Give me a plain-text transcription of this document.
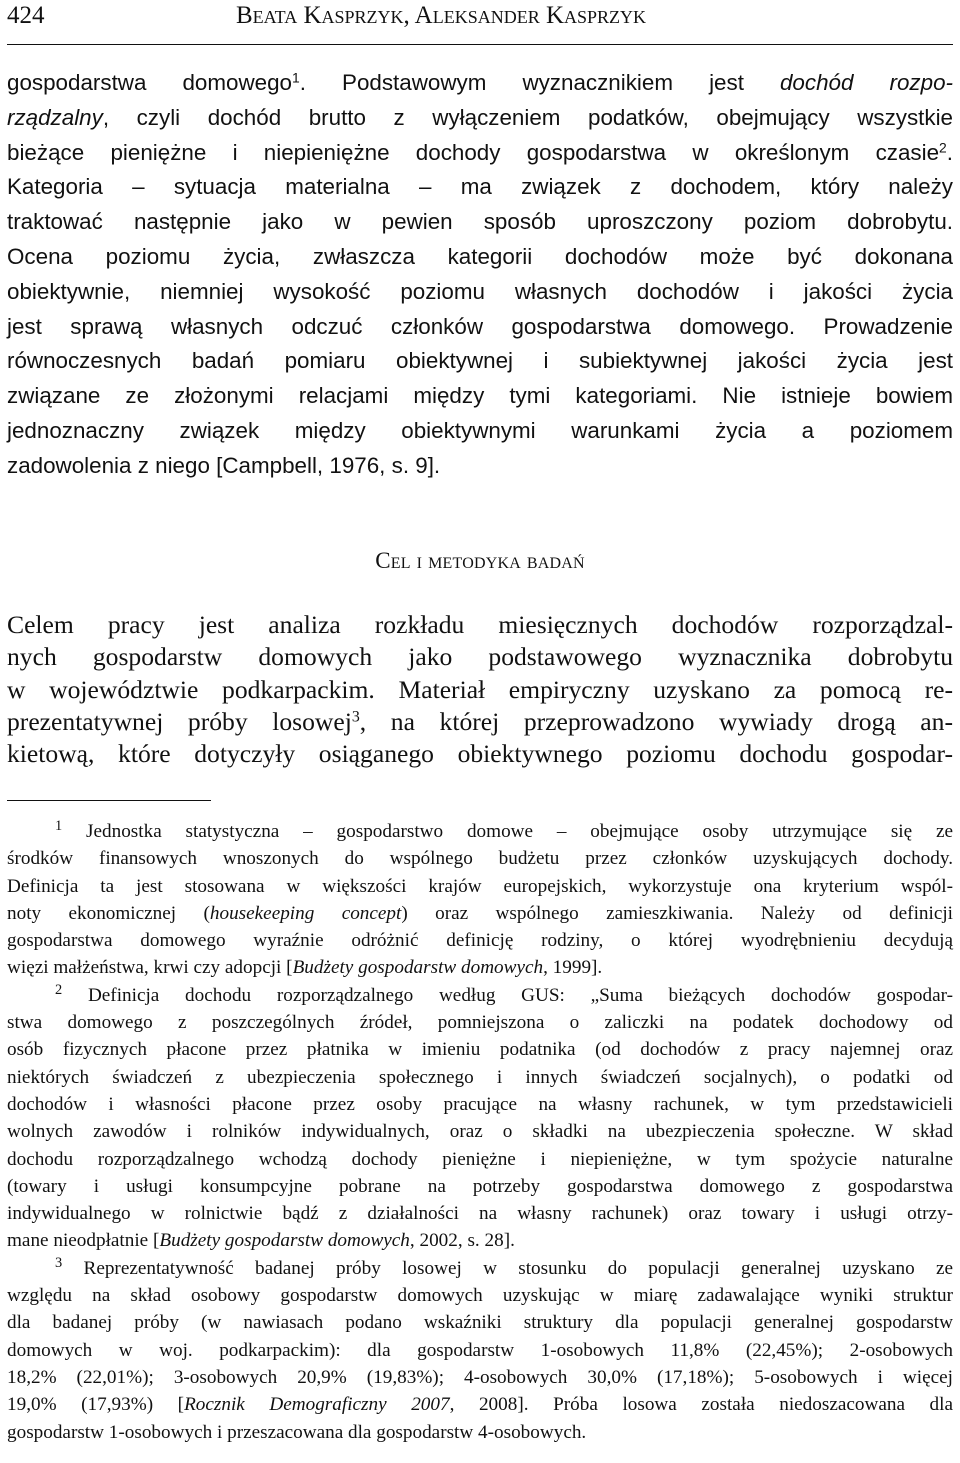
424	Beata Kasprzyk, Aleksander Kasprzyk
gospodarstwa domowego$^1$. Podstawowym wyznacznikiem jest dochód rozpo-
rządzalny, czyli dochód brutto z wyłączeniem podatków, obejmujący wszystkie
bieżące pieniężne i niepieniężne dochody gospodarstwa w określonym czasie$^2$.
Kategoria – sytuacja materialna – ma związek z dochodem, który należy
traktować następnie jako w pewien sposób uproszczony poziom dobrobytu.
Ocena poziomu życia, zwłaszcza kategorii dochodów może być dokonana
obiektywnie, niemniej wysokość poziomu własnych dochodów i jakości życia
jest sprawą własnych odczuć członków gospodarstwa domowego. Prowadzenie
równoczesnych badań pomiaru obiektywnej i subiektywnej jakości życia jest
związane ze złożonymi relacjami między tymi kategoriami. Nie istnieje bowiem
jednoznaczny związek między obiektywnymi warunkami życia a poziomem
zadowolenia z niego [Campbell, 1976, s. 9].
Cel i metodyka badań
Celem pracy jest analiza rozkładu miesięcznych dochodów rozporządzal-
nych gospodarstw domowych jako podstawowego wyznacznika dobrobytu
w województwie podkarpackim. Materiał empiryczny uzyskano za pomocą re-
prezentatywnej próby losowej$^3$, na której przeprowadzono wywiady drogą an-
kietową, które dotyczyły osiąganego obiektywnego poziomu dochodu gospodar-
$^1$ Jednostka statystyczna – gospodarstwo domowe – obejmujące osoby utrzymujące się ze
środków finansowych wnoszonych do wspólnego budżetu przez członków uzyskujących dochody.
Definicja ta jest stosowana w większości krajów europejskich, wykorzystuje ona kryterium wspól-
noty ekonomicznej (housekeeping concept) oraz wspólnego zamieszkiwania. Należy od definicji
gospodarstwa domowego wyraźnie odróżnić definicję rodziny, o której wyodrębnieniu decydują
więzi małżeństwa, krwi czy adopcji [Budżety gospodarstw domowych, 1999].
$^2$ Definicja dochodu rozporządzalnego według GUS: „Suma bieżących dochodów gospodar-
stwa domowego z poszczególnych źródeł, pomniejszona o zaliczki na podatek dochodowy od
osób fizycznych płacone przez płatnika w imieniu podatnika (od dochodów z pracy najemnej oraz
niektórych świadczeń z ubezpieczenia społecznego i innych świadczeń socjalnych), o podatki od
dochodów i własności płacone przez osoby pracujące na własny rachunek, w tym przedstawicieli
wolnych zawodów i rolników indywidualnych, oraz o składki na ubezpieczenia społeczne. W skład
dochodu rozporządzalnego wchodzą dochody pieniężne i niepieniężne, w tym spożycie naturalne
(towary i usługi konsumpcyjne pobrane na potrzeby gospodarstwa domowego z gospodarstwa
indywidualnego w rolnictwie bądź z działalności na własny rachunek) oraz towary i usługi otrzy-
mane nieodpłatnie [Budżety gospodarstw domowych, 2002, s. 28].
$^3$ Reprezentatywność badanej próby losowej w stosunku do populacji generalnej uzyskano ze
względu na skład osobowy gospodarstw domowych uzyskując w miarę zadawalające wyniki struktur
dla badanej próby (w nawiasach podano wskaźniki struktury dla populacji generalnej gospodarstw
domowych w woj. podkarpackim): dla gospodarstw 1-osobowych 11,8% (22,45%); 2-osobowych
18,2% (22,01%); 3-osobowych 20,9% (19,83%); 4-osobowych 30,0% (17,18%); 5-osobowych i więcej
19,0% (17,93%) [Rocznik Demograficzny 2007, 2008]. Próba losowa została niedoszacowana dla
gospodarstw 1-osobowych i przeszacowana dla gospodarstw 4-osobowych.
